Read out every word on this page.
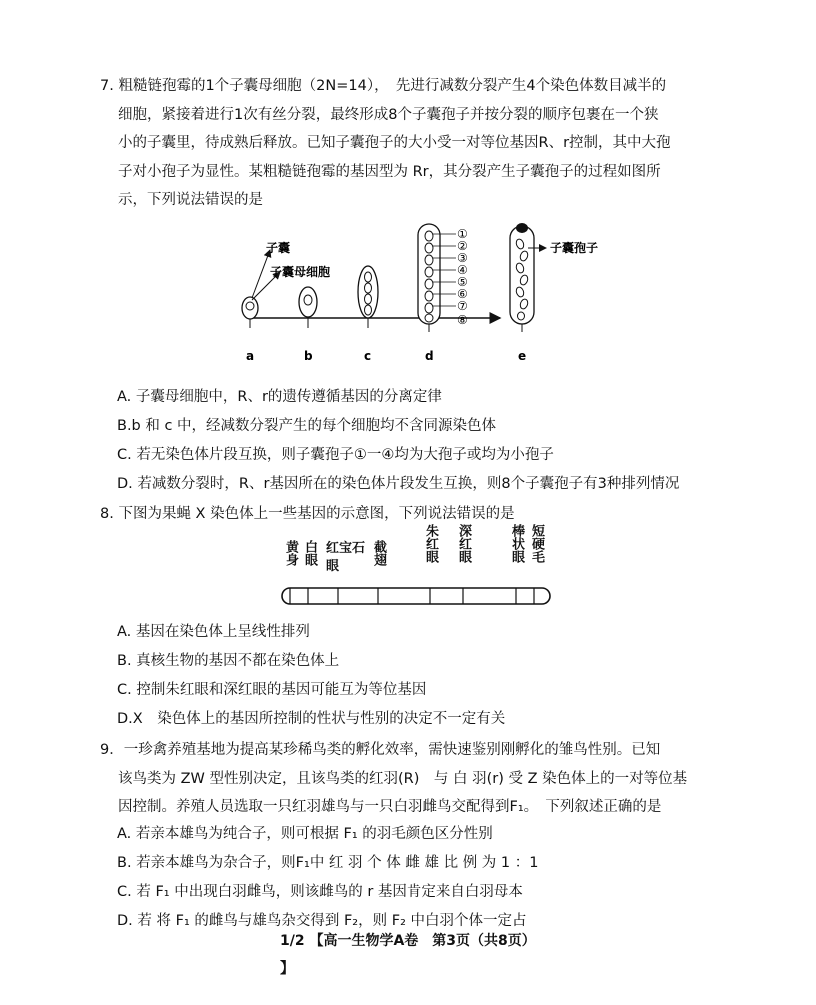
7. 粗糙链孢霉的1个子囊母细胞（2N=14），　先进行减数分裂产生4个染色体数目减半的
细胞，紧接着进行1次有丝分裂，最终形成8个子囊孢子并按分裂的顺序包裹在一个狭
小的子囊里，待成熟后释放。已知子囊孢子的大小受一对等位基因R、r控制，其中大孢
子对小孢子为显性。某粗糙链孢霉的基因型为 Rr，其分裂产生子囊孢子的过程如图所
示，下列说法错误的是
子囊
子囊母细胞
①
②
③
④
⑤
⑥
⑦
⑧
子囊孢子
a	b	c	d	e
A. 子囊母细胞中，R、r的遗传遵循基因的分离定律
B.b 和 c 中，经减数分裂产生的每个细胞均不含同源染色体
C. 若无染色体片段互换，则子囊孢子①一④均为大孢子或均为小孢子
D. 若减数分裂时，R、r基因所在的染色体片段发生互换，则8个子囊孢子有3种排列情况
8. 下图为果蝇 X 染色体上一些基因的示意图，下列说法错误的是
黄身 白眼 红宝石眼
截翅	朱红眼 深红眼	棒状眼 短硬毛
A. 基因在染色体上呈线性排列
B. 真核生物的基因不都在染色体上
C. 控制朱红眼和深红眼的基因可能互为等位基因
D.X　染色体上的基因所控制的性状与性别的决定不一定有关
9．一珍禽养殖基地为提高某珍稀鸟类的孵化效率，需快速鉴别刚孵化的雏鸟性别。已知
该鸟类为 ZW 型性别决定，且该鸟类的红羽(R)　与 白 羽(r) 受 Z 染色体上的一对等位基
因控制。养殖人员选取一只红羽雄鸟与一只白羽雌鸟交配得到F₁。　下列叙述正确的是
A. 若亲本雄鸟为纯合子，则可根据 F₁ 的羽毛颜色区分性别
B. 若亲本雄鸟为杂合子，则F₁中 红 羽 个 体 雌 雄 比 例 为 1 ：1
C. 若 F₁ 中出现白羽雌鸟，则该雌鸟的 r 基因肯定来自白羽母本
D. 若 将 F₁ 的雌鸟与雄鸟杂交得到 F₂，则 F₂ 中白羽个体一定占
1/2 【高一生物学A卷　第3页（共8页）
】
